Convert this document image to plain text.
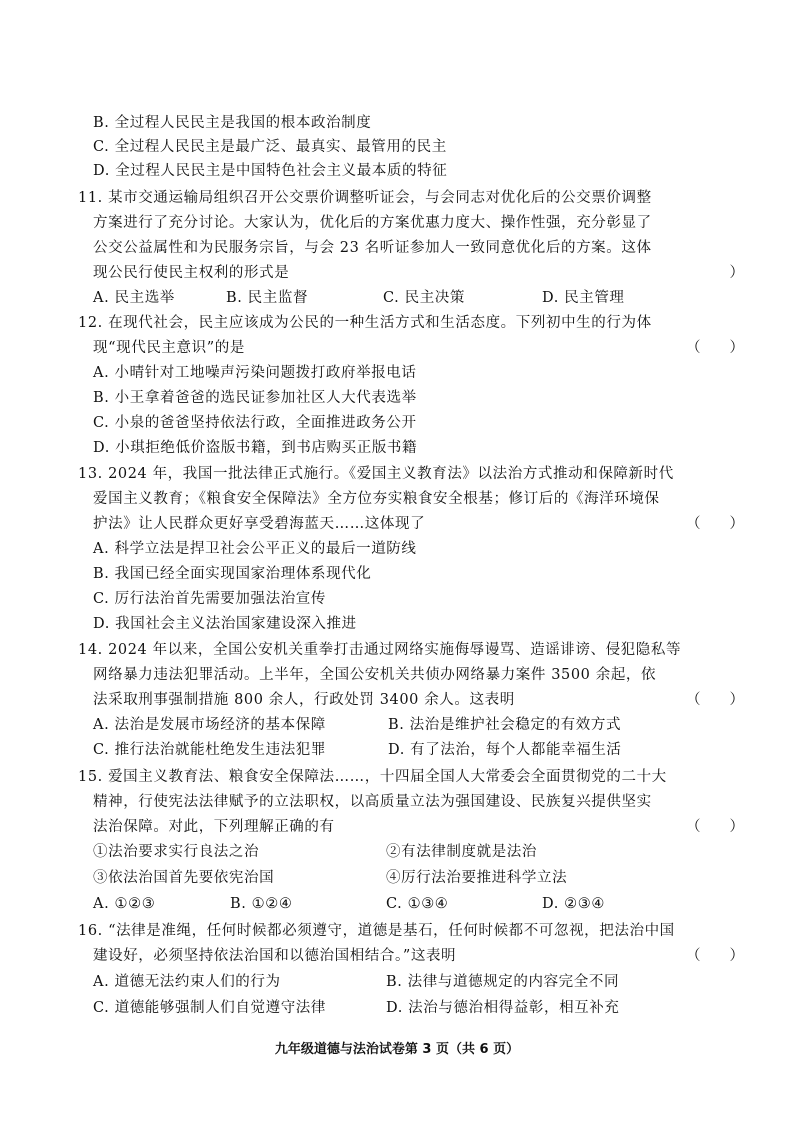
B. 全过程人民民主是我国的根本政治制度
C. 全过程人民民主是最广泛、最真实、最管用的民主
D. 全过程人民民主是中国特色社会主义最本质的特征
11. 某市交通运输局组织召开公交票价调整听证会，与会同志对优化后的公交票价调整
方案进行了充分讨论。大家认为，优化后的方案优惠力度大、操作性强，充分彰显了
公交公益属性和为民服务宗旨，与会 23 名听证参加人一致同意优化后的方案。这体
现公民行使民主权利的形式是	）
A. 民主选举	B. 民主监督	C. 民主决策	D. 民主管理
12. 在现代社会，民主应该成为公民的一种生活方式和生活态度。下列初中生的行为体
现“现代民主意识”的是	（　　）
A. 小晴针对工地噪声污染问题拨打政府举报电话
B. 小王拿着爸爸的选民证参加社区人大代表选举
C. 小泉的爸爸坚持依法行政，全面推进政务公开
D. 小琪拒绝低价盗版书籍，到书店购买正版书籍
13. 2024 年，我国一批法律正式施行。《爱国主义教育法》以法治方式推动和保障新时代
爱国主义教育；《粮食安全保障法》全方位夯实粮食安全根基；修订后的《海洋环境保
护法》让人民群众更好享受碧海蓝天……这体现了	（　　）
A. 科学立法是捍卫社会公平正义的最后一道防线
B. 我国已经全面实现国家治理体系现代化
C. 厉行法治首先需要加强法治宣传
D. 我国社会主义法治国家建设深入推进
14. 2024 年以来，全国公安机关重拳打击通过网络实施侮辱谩骂、造谣诽谤、侵犯隐私等
网络暴力违法犯罪活动。上半年，全国公安机关共侦办网络暴力案件 3500 余起，依
法采取刑事强制措施 800 余人，行政处罚 3400 余人。这表明	（　　）
A. 法治是发展市场经济的基本保障	B. 法治是维护社会稳定的有效方式
C. 推行法治就能杜绝发生违法犯罪	D. 有了法治，每个人都能幸福生活
15. 爱国主义教育法、粮食安全保障法……，十四届全国人大常委会全面贯彻党的二十大
精神，行使宪法法律赋予的立法职权，以高质量立法为强国建设、民族复兴提供坚实
法治保障。对此，下列理解正确的有	（　　）
①法治要求实行良法之治	②有法律制度就是法治
③依法治国首先要依宪治国	④厉行法治要推进科学立法
A. ①②③	B. ①②④	C. ①③④	D. ②③④
16. “法律是准绳，任何时候都必须遵守，道德是基石，任何时候都不可忽视，把法治中国
建设好，必须坚持依法治国和以德治国相结合。”这表明	（　　）
A. 道德无法约束人们的行为	B. 法律与道德规定的内容完全不同
C. 道德能够强制人们自觉遵守法律	D. 法治与德治相得益彰，相互补充
九年级道德与法治试卷第 3 页（共 6 页）
